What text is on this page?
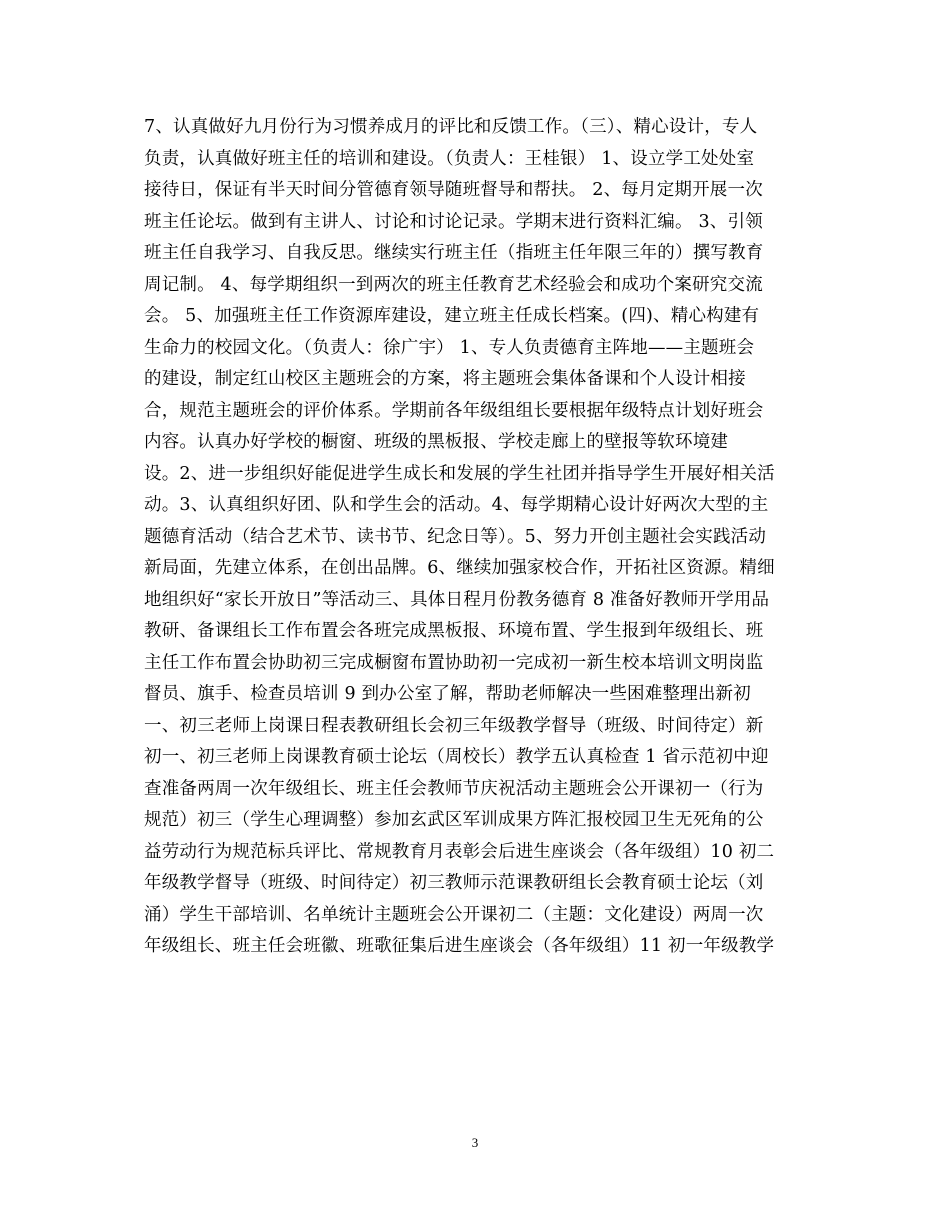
7、认真做好九月份行为习惯养成月的评比和反馈工作。（三）、精心设计，专人
负责，认真做好班主任的培训和建设。（负责人：王桂银） 1、设立学工处处室
接待日，保证有半天时间分管德育领导随班督导和帮扶。 2、每月定期开展一次
班主任论坛。做到有主讲人、讨论和讨论记录。学期末进行资料汇编。 3、引领
班主任自我学习、自我反思。继续实行班主任（指班主任年限三年的）撰写教育
周记制。 4、每学期组织一到两次的班主任教育艺术经验会和成功个案研究交流
会。 5、加强班主任工作资源库建设，建立班主任成长档案。(四)、精心构建有
生命力的校园文化。（负责人：徐广宇） 1、专人负责德育主阵地——主题班会
的建设，制定红山校区主题班会的方案，将主题班会集体备课和个人设计相接
合，规范主题班会的评价体系。学期前各年级组组长要根据年级特点计划好班会
内容。认真办好学校的橱窗、班级的黑板报、学校走廊上的壁报等软环境建
设。2、进一步组织好能促进学生成长和发展的学生社团并指导学生开展好相关活
动。3、认真组织好团、队和学生会的活动。4、每学期精心设计好两次大型的主
题德育活动（结合艺术节、读书节、纪念日等）。5、努力开创主题社会实践活动
新局面，先建立体系，在创出品牌。6、继续加强家校合作，开拓社区资源。精细
地组织好“家长开放日”等活动三、具体日程月份教务德育 8 准备好教师开学用品
教研、备课组长工作布置会各班完成黑板报、环境布置、学生报到年级组长、班
主任工作布置会协助初三完成橱窗布置协助初一完成初一新生校本培训文明岗监
督员、旗手、检查员培训 9 到办公室了解，帮助老师解决一些困难整理出新初
一、初三老师上岗课日程表教研组长会初三年级教学督导（班级、时间待定）新
初一、初三老师上岗课教育硕士论坛（周校长）教学五认真检查 1 省示范初中迎
查准备两周一次年级组长、班主任会教师节庆祝活动主题班会公开课初一（行为
规范）初三（学生心理调整）参加玄武区军训成果方阵汇报校园卫生无死角的公
益劳动行为规范标兵评比、常规教育月表彰会后进生座谈会（各年级组）10 初二
年级教学督导（班级、时间待定）初三教师示范课教研组长会教育硕士论坛（刘
涌）学生干部培训、名单统计主题班会公开课初二（主题：文化建设）两周一次
年级组长、班主任会班徽、班歌征集后进生座谈会（各年级组）11 初一年级教学
3
